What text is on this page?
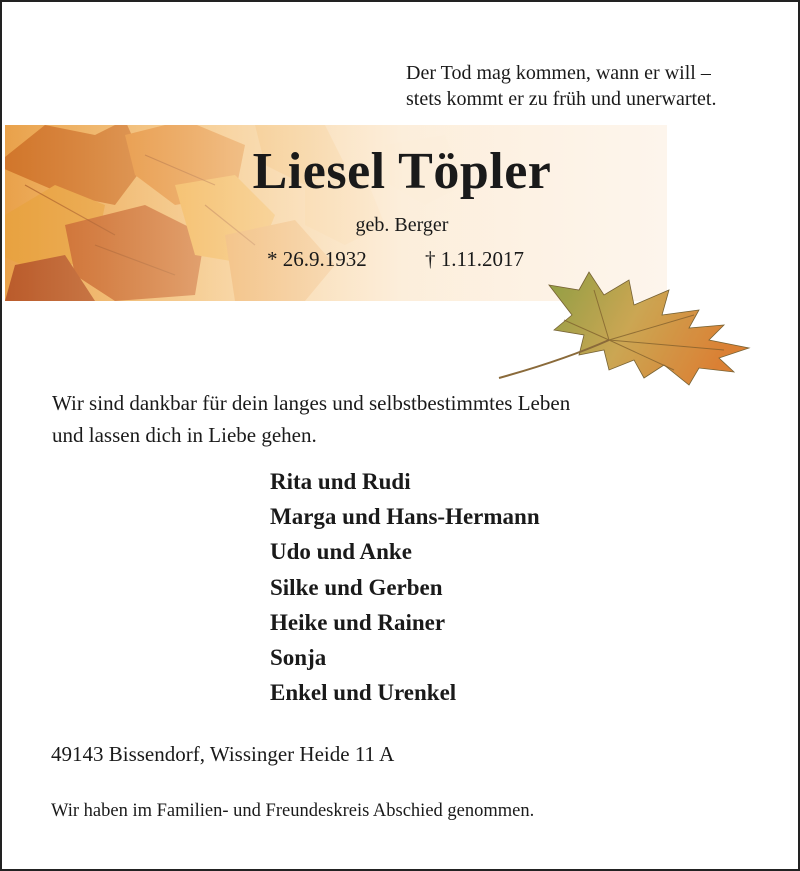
Der Tod mag kommen, wann er will –
stets kommt er zu früh und unerwartet.
Liesel Töpler
geb. Berger
* 26.9.1932	† 1.11.2017
Wir sind dankbar für dein langes und selbstbestimmtes Leben
und lassen dich in Liebe gehen.
Rita und Rudi
Marga und Hans-Hermann
Udo und Anke
Silke und Gerben
Heike und Rainer
Sonja
Enkel und Urenkel
49143 Bissendorf, Wissinger Heide 11 A
Wir haben im Familien- und Freundeskreis Abschied genommen.
